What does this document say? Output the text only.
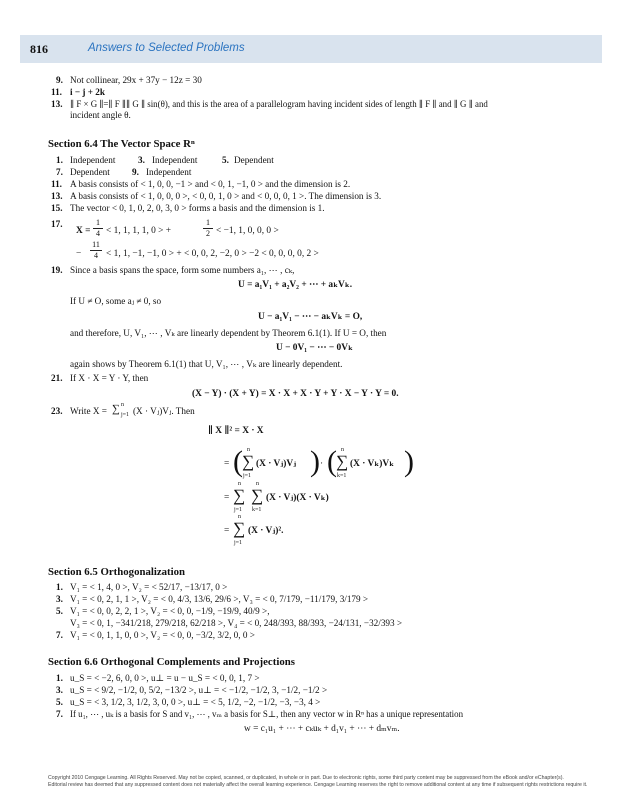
816	Answers to Selected Problems
9. Not collinear, 29x + 37y − 12z = 30
11. i − j + 2k
13. ∥ F × G ∥=∥ F ∥∥ G ∥ sin(θ), and this is the area of a parallelogram having incident sides of length ∥ F ∥ and ∥ G ∥ and
incident angle θ.
Section 6.4 The Vector Space Rⁿ
1. Independent 3. Independent	5. Dependent
7. Dependent 9. Independent
11. A basis consists of < 1, 0, 0, −1 > and < 0, 1, −1, 0 > and the dimension is 2.
13. A basis consists of < 1, 0, 0, 0 >, < 0, 0, 1, 0 > and < 0, 0, 0, 1 >. The dimension is 3.
15. The vector < 0, 1, 0, 2, 0, 3, 0 > forms a basis and the dimension is 1.
17.
X =
1
4 < 1, 1, 1, 1, 0 > +
1
2 < −1, 1, 0, 0, 0 >
−
11
4 < 1, 1, −1, −1, 0 > + < 0, 0, 2, −2, 0 > −2 < 0, 0, 0, 0, 2 >
19. Since a basis spans the space, form some numbers a₁, ⋯ , cₖ,
U = a₁V₁ + a₂V₂ + ⋯ + aₖVₖ.
If U ≠ O, some aⱼ ≠ 0, so
U − a₁V₁ − ⋯ − aₖVₖ = O,
and therefore, U, V₁, ⋯ , Vₖ are linearly dependent by Theorem 6.1(1). If U = O, then
U − 0V₁ − ⋯ − 0Vₖ
again shows by Theorem 6.1(1) that U, V₁, ⋯ , Vₖ are linearly dependent.
21. If X · X = Y · Y, then
(X − Y) · (X + Y) = X · X + X · Y + Y · X − Y · Y = 0.
23. Write X = ∑ n
j=1 (X · Vⱼ)Vⱼ. Then
∥ X ∥² = X · X
= ( n
∑
j=1
(X · Vⱼ)Vⱼ ) · ( n
∑
k=1
(X · Vₖ)Vₖ )
=
n
∑
j=1
n
∑
k=1
(X · Vⱼ)(X · Vₖ)
=
n
∑
j=1
(X · Vⱼ)².
Section 6.5 Orthogonalization
1. V₁ = < 1, 4, 0 >, V₂ = < 52/17, −13/17, 0 >
3. V₁ = < 0, 2, 1, 1 >, V₂ = < 0, 4/3, 13/6, 29/6 >, V₃ = < 0, 7/179, −11/179, 3/179 >
5. V₁ = < 0, 0, 2, 2, 1 >, V₂ = < 0, 0, −1/9, −19/9, 40/9 >,
V₃ = < 0, 1, −341/218, 279/218, 62/218 >, V₄ = < 0, 248/393, 88/393, −24/131, −32/393 >
7. V₁ = < 0, 1, 1, 0, 0 >, V₂ = < 0, 0, −3/2, 3/2, 0, 0 >
Section 6.6 Orthogonal Complements and Projections
1. u_S = < −2, 6, 0, 0 >, u⊥ = u − u_S = < 0, 0, 1, 7 >
3. u_S = < 9/2, −1/2, 0, 5/2, −13/2 >, u⊥ = < −1/2, −1/2, 3, −1/2, −1/2 >
5. u_S = < 3, 1/2, 3, 1/2, 3, 0, 0 >, u⊥ = < 5, 1/2, −2, −1/2, −3, −3, 4 >
7. If u₁, ⋯ , uₖ is a basis for S and v₁, ⋯ , vₘ a basis for S⊥, then any vector w in Rⁿ has a unique representation
w = c₁u₁ + ⋯ + cₖuₖ + d₁v₁ + ⋯ + dₘvₘ.
Copyright 2010 Cengage Learning. All Rights Reserved. May not be copied, scanned, or duplicated, in whole or in part. Due to electronic rights, some third party content may be suppressed from the eBook and/or eChapter(s).
Editorial review has deemed that any suppressed content does not materially affect the overall learning experience. Cengage Learning reserves the right to remove additional content at any time if subsequent rights restrictions require it.
